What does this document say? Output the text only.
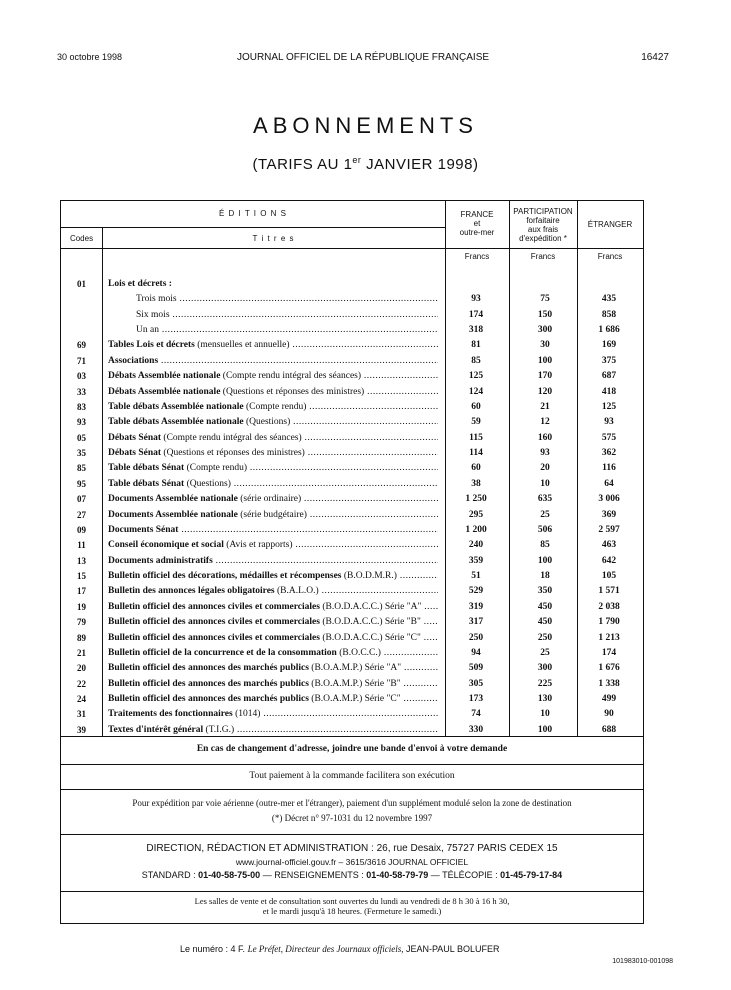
30 octobre 1998	JOURNAL OFFICIEL DE LA RÉPUBLIQUE FRANÇAISE	16427
ABONNEMENTS
(TARIFS AU 1er JANVIER 1998)
É D I T I O N S
Codes	T i t r e s
FRANCE
et
outre-mer
PARTICIPATION
forfaitaire
aux frais
d'expédition *
ÉTRANGER
Francs	Francs	Francs
01	Lois et décrets :
Trois mois .....	93	75	435
Six mois .....	174	150	858
Un an .....	318	300	1 686
69	Tables Lois et décrets (mensuelles et annuelle) .....	81	30	169
71	Associations .....	85	100	375
03	Débats Assemblée nationale (Compte rendu intégral des séances) .....	125	170	687
33	Débats Assemblée nationale (Questions et réponses des ministres) .....	124	120	418
83	Table débats Assemblée nationale (Compte rendu) .....	60	21	125
93	Table débats Assemblée nationale (Questions) .....	59	12	93
05	Débats Sénat (Compte rendu intégral des séances) .....	115	160	575
35	Débats Sénat (Questions et réponses des ministres) .....	114	93	362
85	Table débats Sénat (Compte rendu) .....	60	20	116
95	Table débats Sénat (Questions) .....	38	10	64
07	Documents Assemblée nationale (série ordinaire) .....	1 250	635	3 006
27	Documents Assemblée nationale (série budgétaire) .....	295	25	369
09	Documents Sénat .....	1 200	506	2 597
11	Conseil économique et social (Avis et rapports) .....	240	85	463
13	Documents administratifs .....	359	100	642
15	Bulletin officiel des décorations, médailles et récompenses (B.O.D.M.R.) .....	51	18	105
17	Bulletin des annonces légales obligatoires (B.A.L.O.) .....	529	350	1 571
19	Bulletin officiel des annonces civiles et commerciales (B.O.D.A.C.C.) Série "A" .....	319	450	2 038
79	Bulletin officiel des annonces civiles et commerciales (B.O.D.A.C.C.) Série "B" .....	317	450	1 790
89	Bulletin officiel des annonces civiles et commerciales (B.O.D.A.C.C.) Série "C" .....	250	250	1 213
21	Bulletin officiel de la concurrence et de la consommation (B.O.C.C.) .....	94	25	174
20	Bulletin officiel des annonces des marchés publics (B.O.A.M.P.) Série "A" .....	509	300	1 676
22	Bulletin officiel des annonces des marchés publics (B.O.A.M.P.) Série "B" .....	305	225	1 338
24	Bulletin officiel des annonces des marchés publics (B.O.A.M.P.) Série "C" .....	173	130	499
31	Traitements des fonctionnaires (1014) .....	74	10	90
39	Textes d'intérêt général (T.I.G.) .....	330	100	688
En cas de changement d'adresse, joindre une bande d'envoi à votre demande
Tout paiement à la commande facilitera son exécution
Pour expédition par voie aérienne (outre-mer et l'étranger), paiement d'un supplément modulé selon la zone de destination
(*) Décret n° 97-1031 du 12 novembre 1997
DIRECTION, RÉDACTION ET ADMINISTRATION : 26, rue Desaix, 75727 PARIS CEDEX 15
www.journal-officiel.gouv.fr – 3615/3616 JOURNAL OFFICIEL
STANDARD : 01-40-58-75-00 — RENSEIGNEMENTS : 01-40-58-79-79 — TÉLÉCOPIE : 01-45-79-17-84
Les salles de vente et de consultation sont ouvertes du lundi au vendredi de 8 h 30 à 16 h 30,
et le mardi jusqu'à 18 heures. (Fermeture le samedi.)
Le numéro : 4 F. Le Préfet, Directeur des Journaux officiels, JEAN-PAUL BOLUFER
101983010-001098
